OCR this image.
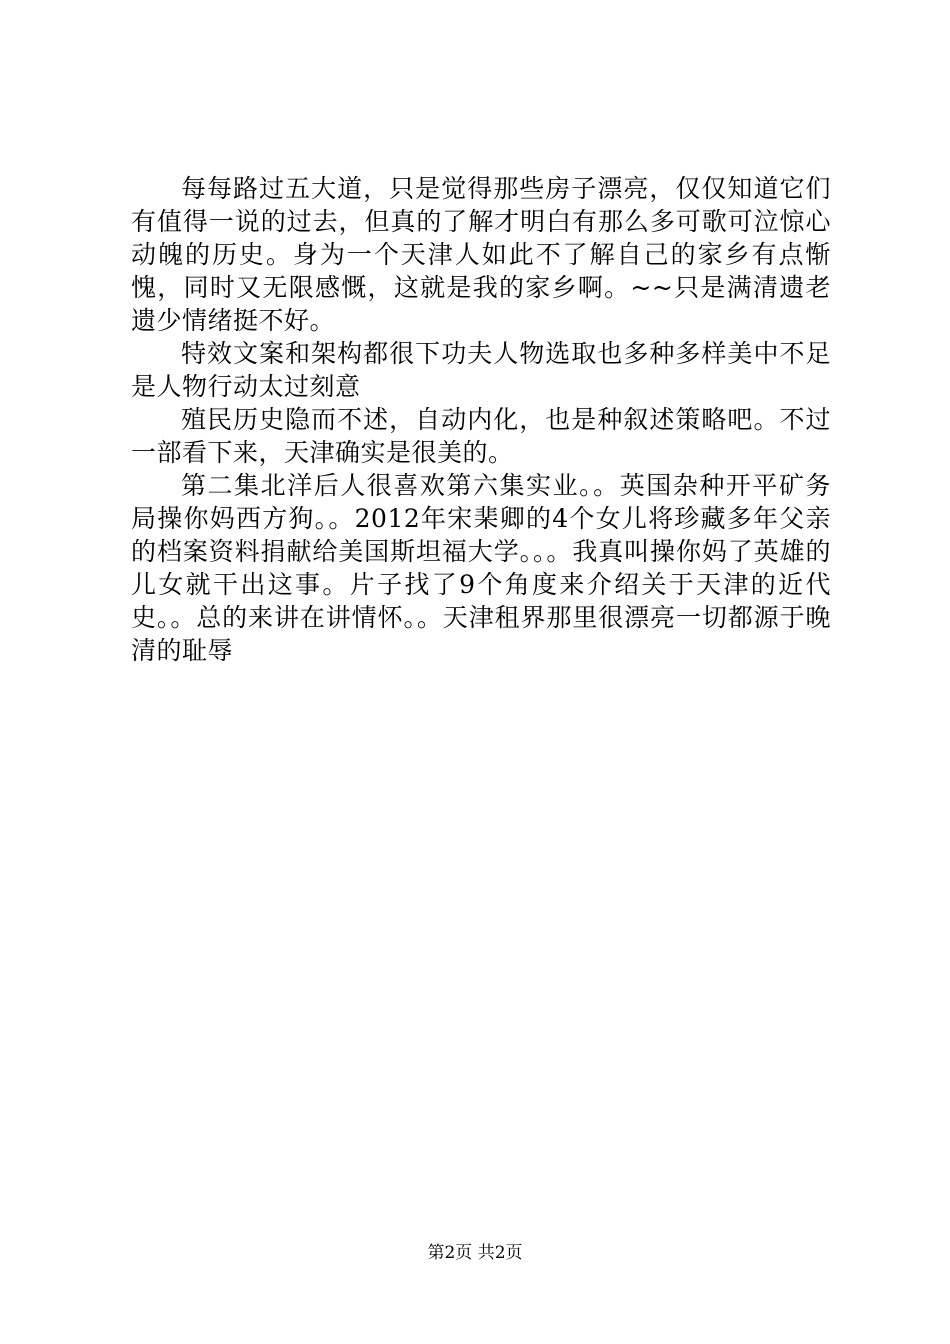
每每路过五大道，只是觉得那些房子漂亮，仅仅知道它们有值得一说的过去，但真的了解才明白有那么多可歌可泣惊心动魄的历史。身为一个天津人如此不了解自己的家乡有点惭愧，同时又无限感慨，这就是我的家乡啊。~~只是满清遗老遗少情绪挺不好。

特效文案和架构都很下功夫人物选取也多种多样美中不足是人物行动太过刻意

殖民历史隐而不述，自动内化，也是种叙述策略吧。不过一部看下来，天津确实是很美的。

第二集北洋后人很喜欢第六集实业。。英国杂种开平矿务局操你妈西方狗。。2012年宋棐卿的4个女儿将珍藏多年父亲的档案资料捐献给美国斯坦福大学。。。我真叫操你妈了英雄的儿女就干出这事。片子找了9个角度来介绍关于天津的近代史。。总的来讲在讲情怀。。天津租界那里很漂亮一切都源于晚清的耻辱

第2页 共2页
